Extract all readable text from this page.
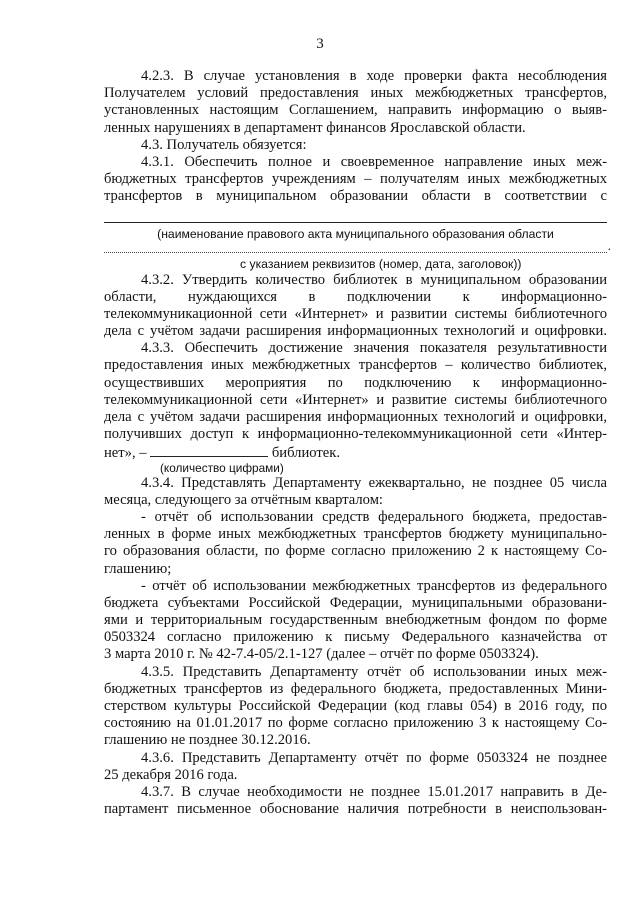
3
4.2.3. В случае установления в ходе проверки факта несоблюдения
Получателем условий предоставления иных межбюджетных трансфертов,
установленных настоящим Соглашением, направить информацию о выяв-
ленных нарушениях в департамент финансов Ярославской области.
4.3. Получатель обязуется:
4.3.1. Обеспечить полное и своевременное направление иных меж-
бюджетных трансфертов учреждениям – получателям иных межбюджетных
трансфертов в муниципальном образовании области в соответствии с
(наименование правового акта муниципального образования области
.
с указанием реквизитов (номер, дата, заголовок))
4.3.2. Утвердить количество библиотек в муниципальном образовании
области, нуждающихся в подключении к информационно-
телекоммуникационной сети «Интернет» и развитии системы библиотечного
дела с учётом задачи расширения информационных технологий и оцифровки.
4.3.3. Обеспечить достижение значения показателя результативности
предоставления иных межбюджетных трансфертов – количество библиотек,
осуществивших мероприятия по подключению к информационно-
телекоммуникационной сети «Интернет» и развитие системы библиотечного
дела с учётом задачи расширения информационных технологий и оцифровки,
получивших доступ к информационно-телекоммуникационной сети «Интер-
нет», –	библиотек.
(количество цифрами)
4.3.4. Представлять Департаменту ежеквартально, не позднее 05 числа
месяца, следующего за отчётным кварталом:
- отчёт об использовании средств федерального бюджета, предостав-
ленных в форме иных межбюджетных трансфертов бюджету муниципально-
го образования области, по форме согласно приложению 2 к настоящему Со-
глашению;
- отчёт об использовании межбюджетных трансфертов из федерального
бюджета субъектами Российской Федерации, муниципальными образовани-
ями и территориальным государственным внебюджетным фондом по форме
0503324 согласно приложению к письму Федерального казначейства от
3 марта 2010 г. № 42-7.4-05/2.1-127 (далее – отчёт по форме 0503324).
4.3.5. Представить Департаменту отчёт об использовании иных меж-
бюджетных трансфертов из федерального бюджета, предоставленных Мини-
стерством культуры Российской Федерации (код главы 054) в 2016 году, по
состоянию на 01.01.2017 по форме согласно приложению 3 к настоящему Со-
глашению не позднее 30.12.2016.
4.3.6. Представить Департаменту отчёт по форме 0503324 не позднее
25 декабря 2016 года.
4.3.7. В случае необходимости не позднее 15.01.2017 направить в Де-
партамент письменное обоснование наличия потребности в неиспользован-
